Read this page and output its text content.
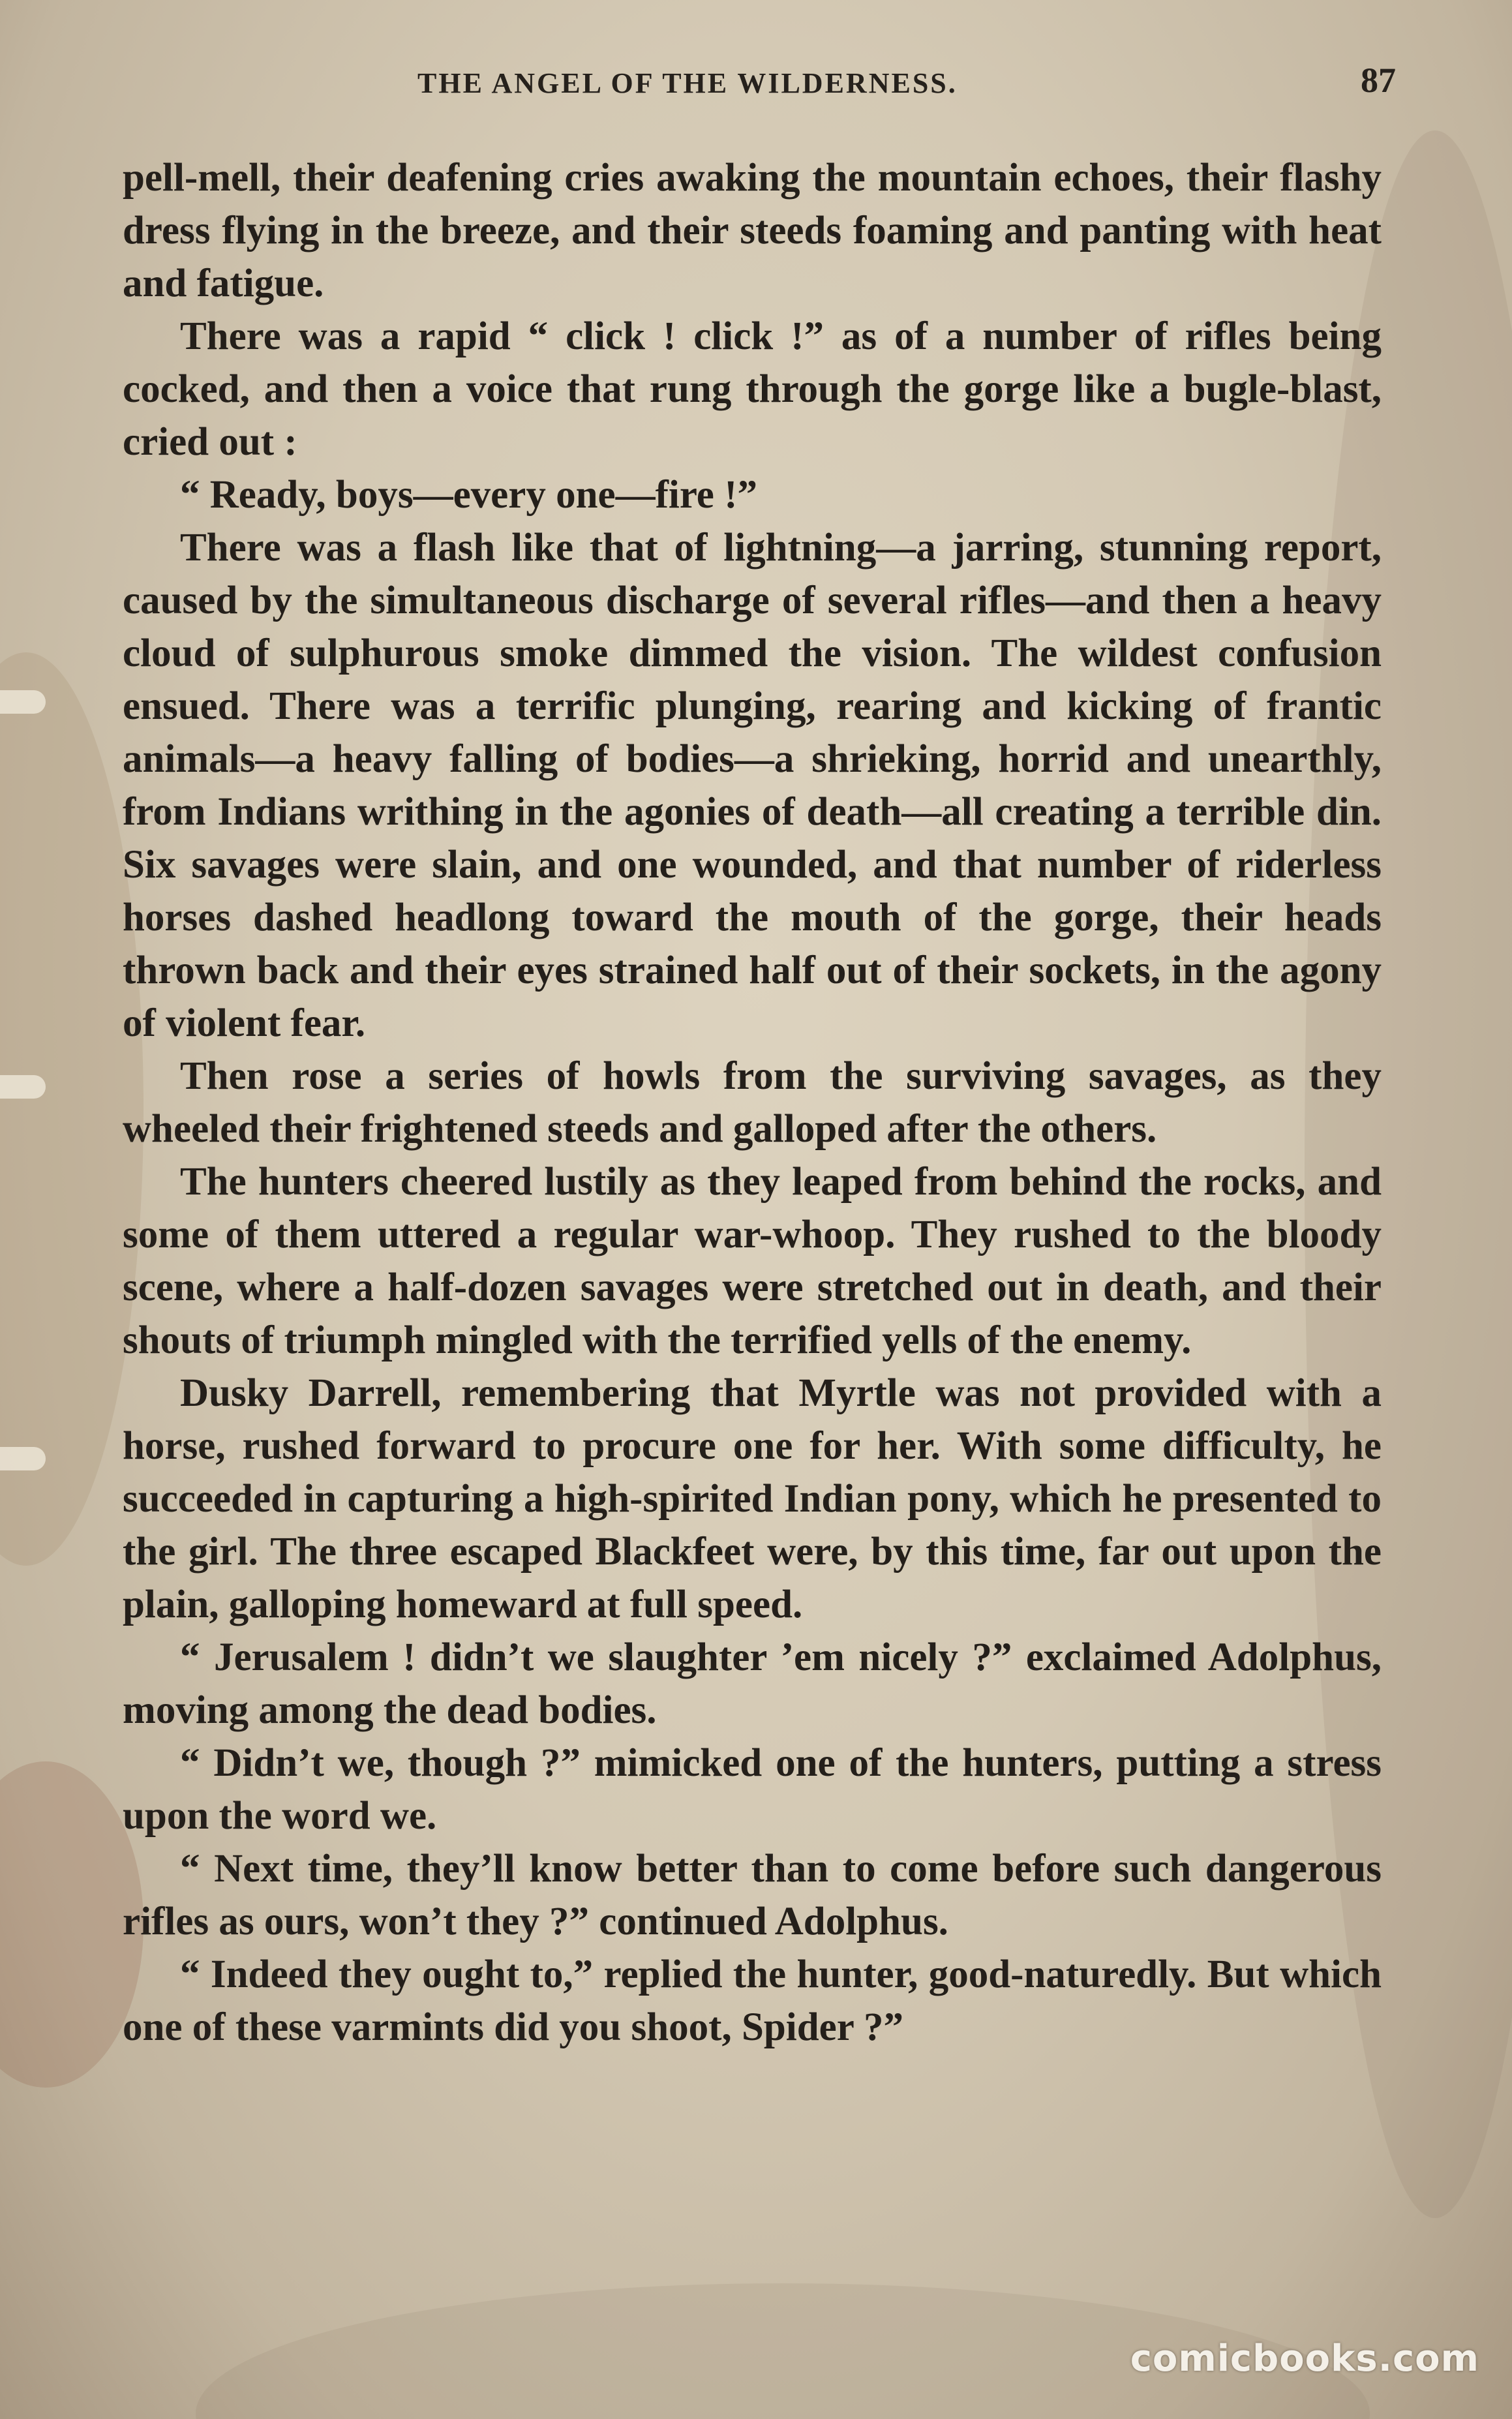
THE ANGEL OF THE WILDERNESS.	87

pell-mell, their deafening cries awaking the mountain echoes, their flashy dress flying in the breeze, and their steeds foaming and panting with heat and fatigue.

There was a rapid “ click ! click !” as of a number of rifles being cocked, and then a voice that rung through the gorge like a bugle-blast, cried out :

“ Ready, boys—every one—fire !”

There was a flash like that of lightning—a jarring, stunning report, caused by the simultaneous discharge of several rifles—and then a heavy cloud of sulphurous smoke dimmed the vision. The wildest confusion ensued. There was a terrific plunging, rearing and kicking of frantic animals—a heavy falling of bodies—a shrieking, horrid and unearthly, from Indians writhing in the agonies of death—all creating a terrible din. Six savages were slain, and one wounded, and that number of riderless horses dashed headlong toward the mouth of the gorge, their heads thrown back and their eyes strained half out of their sockets, in the agony of violent fear.

Then rose a series of howls from the surviving savages, as they wheeled their frightened steeds and galloped after the others.

The hunters cheered lustily as they leaped from behind the rocks, and some of them uttered a regular war-whoop. They rushed to the bloody scene, where a half-dozen savages were stretched out in death, and their shouts of triumph mingled with the terrified yells of the enemy.

Dusky Darrell, remembering that Myrtle was not provided with a horse, rushed forward to procure one for her. With some difficulty, he succeeded in capturing a high-spirited Indian pony, which he presented to the girl. The three escaped Blackfeet were, by this time, far out upon the plain, galloping homeward at full speed.

“ Jerusalem ! didn’t we slaughter ’em nicely ?” exclaimed Adolphus, moving among the dead bodies.

“ Didn’t we, though ?” mimicked one of the hunters, putting a stress upon the word we.

“ Next time, they’ll know better than to come before such dangerous rifles as ours, won’t they ?” continued Adolphus.

“ Indeed they ought to,” replied the hunter, good-naturedly. But which one of these varmints did you shoot, Spider ?”

comicbooks.com
